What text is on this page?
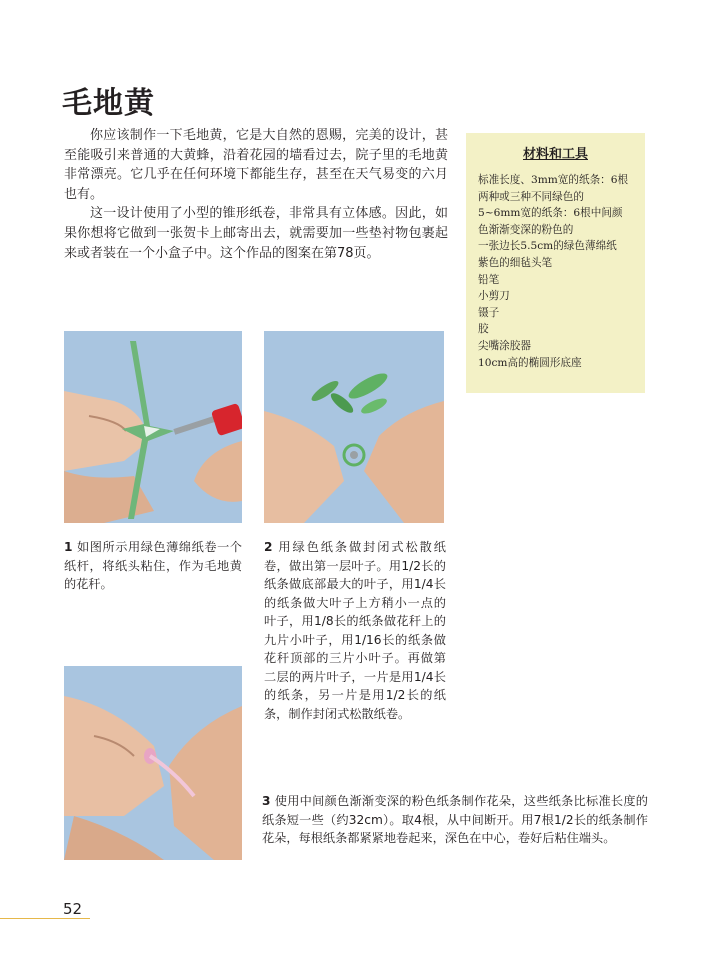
毛地黄

你应该制作一下毛地黄，它是大自然的恩赐，完美的设计，甚至能吸引来普通的大黄蜂，沿着花园的墙看过去，院子里的毛地黄非常漂亮。它几乎在任何环境下都能生存，甚至在天气易变的六月也有。

这一设计使用了小型的锥形纸卷，非常具有立体感。因此，如果你想将它做到一张贺卡上邮寄出去，就需要加一些垫衬物包裹起来或者装在一个小盒子中。这个作品的图案在第78页。

材料和工具
标准长度、3mm宽的纸条：6根两种或三种不同绿色的
5~6mm宽的纸条：6根中间颜色渐渐变深的粉色的
一张边长5.5cm的绿色薄绵纸
紫色的细毡头笔
铅笔
小剪刀
镊子
胶
尖嘴涂胶器
10cm高的椭圆形底座
1 如图所示用绿色薄绵纸卷一个纸杆，将纸头粘住，作为毛地黄的花秆。
2 用绿色纸条做封闭式松散纸卷，做出第一层叶子。用1/2长的纸条做底部最大的叶子，用1/4长的纸条做大叶子上方稍小一点的叶子，用1/8长的纸条做花秆上的九片小叶子，用1/16长的纸条做花秆顶部的三片小叶子。再做第二层的两片叶子，一片是用1/4长的纸条，另一片是用1/2长的纸条，制作封闭式松散纸卷。
3 使用中间颜色渐渐变深的粉色纸条制作花朵，这些纸条比标准长度的纸条短一些（约32cm）。取4根，从中间断开。用7根1/2长的纸条制作花朵，每根纸条都紧紧地卷起来，深色在中心，卷好后粘住端头。
52
